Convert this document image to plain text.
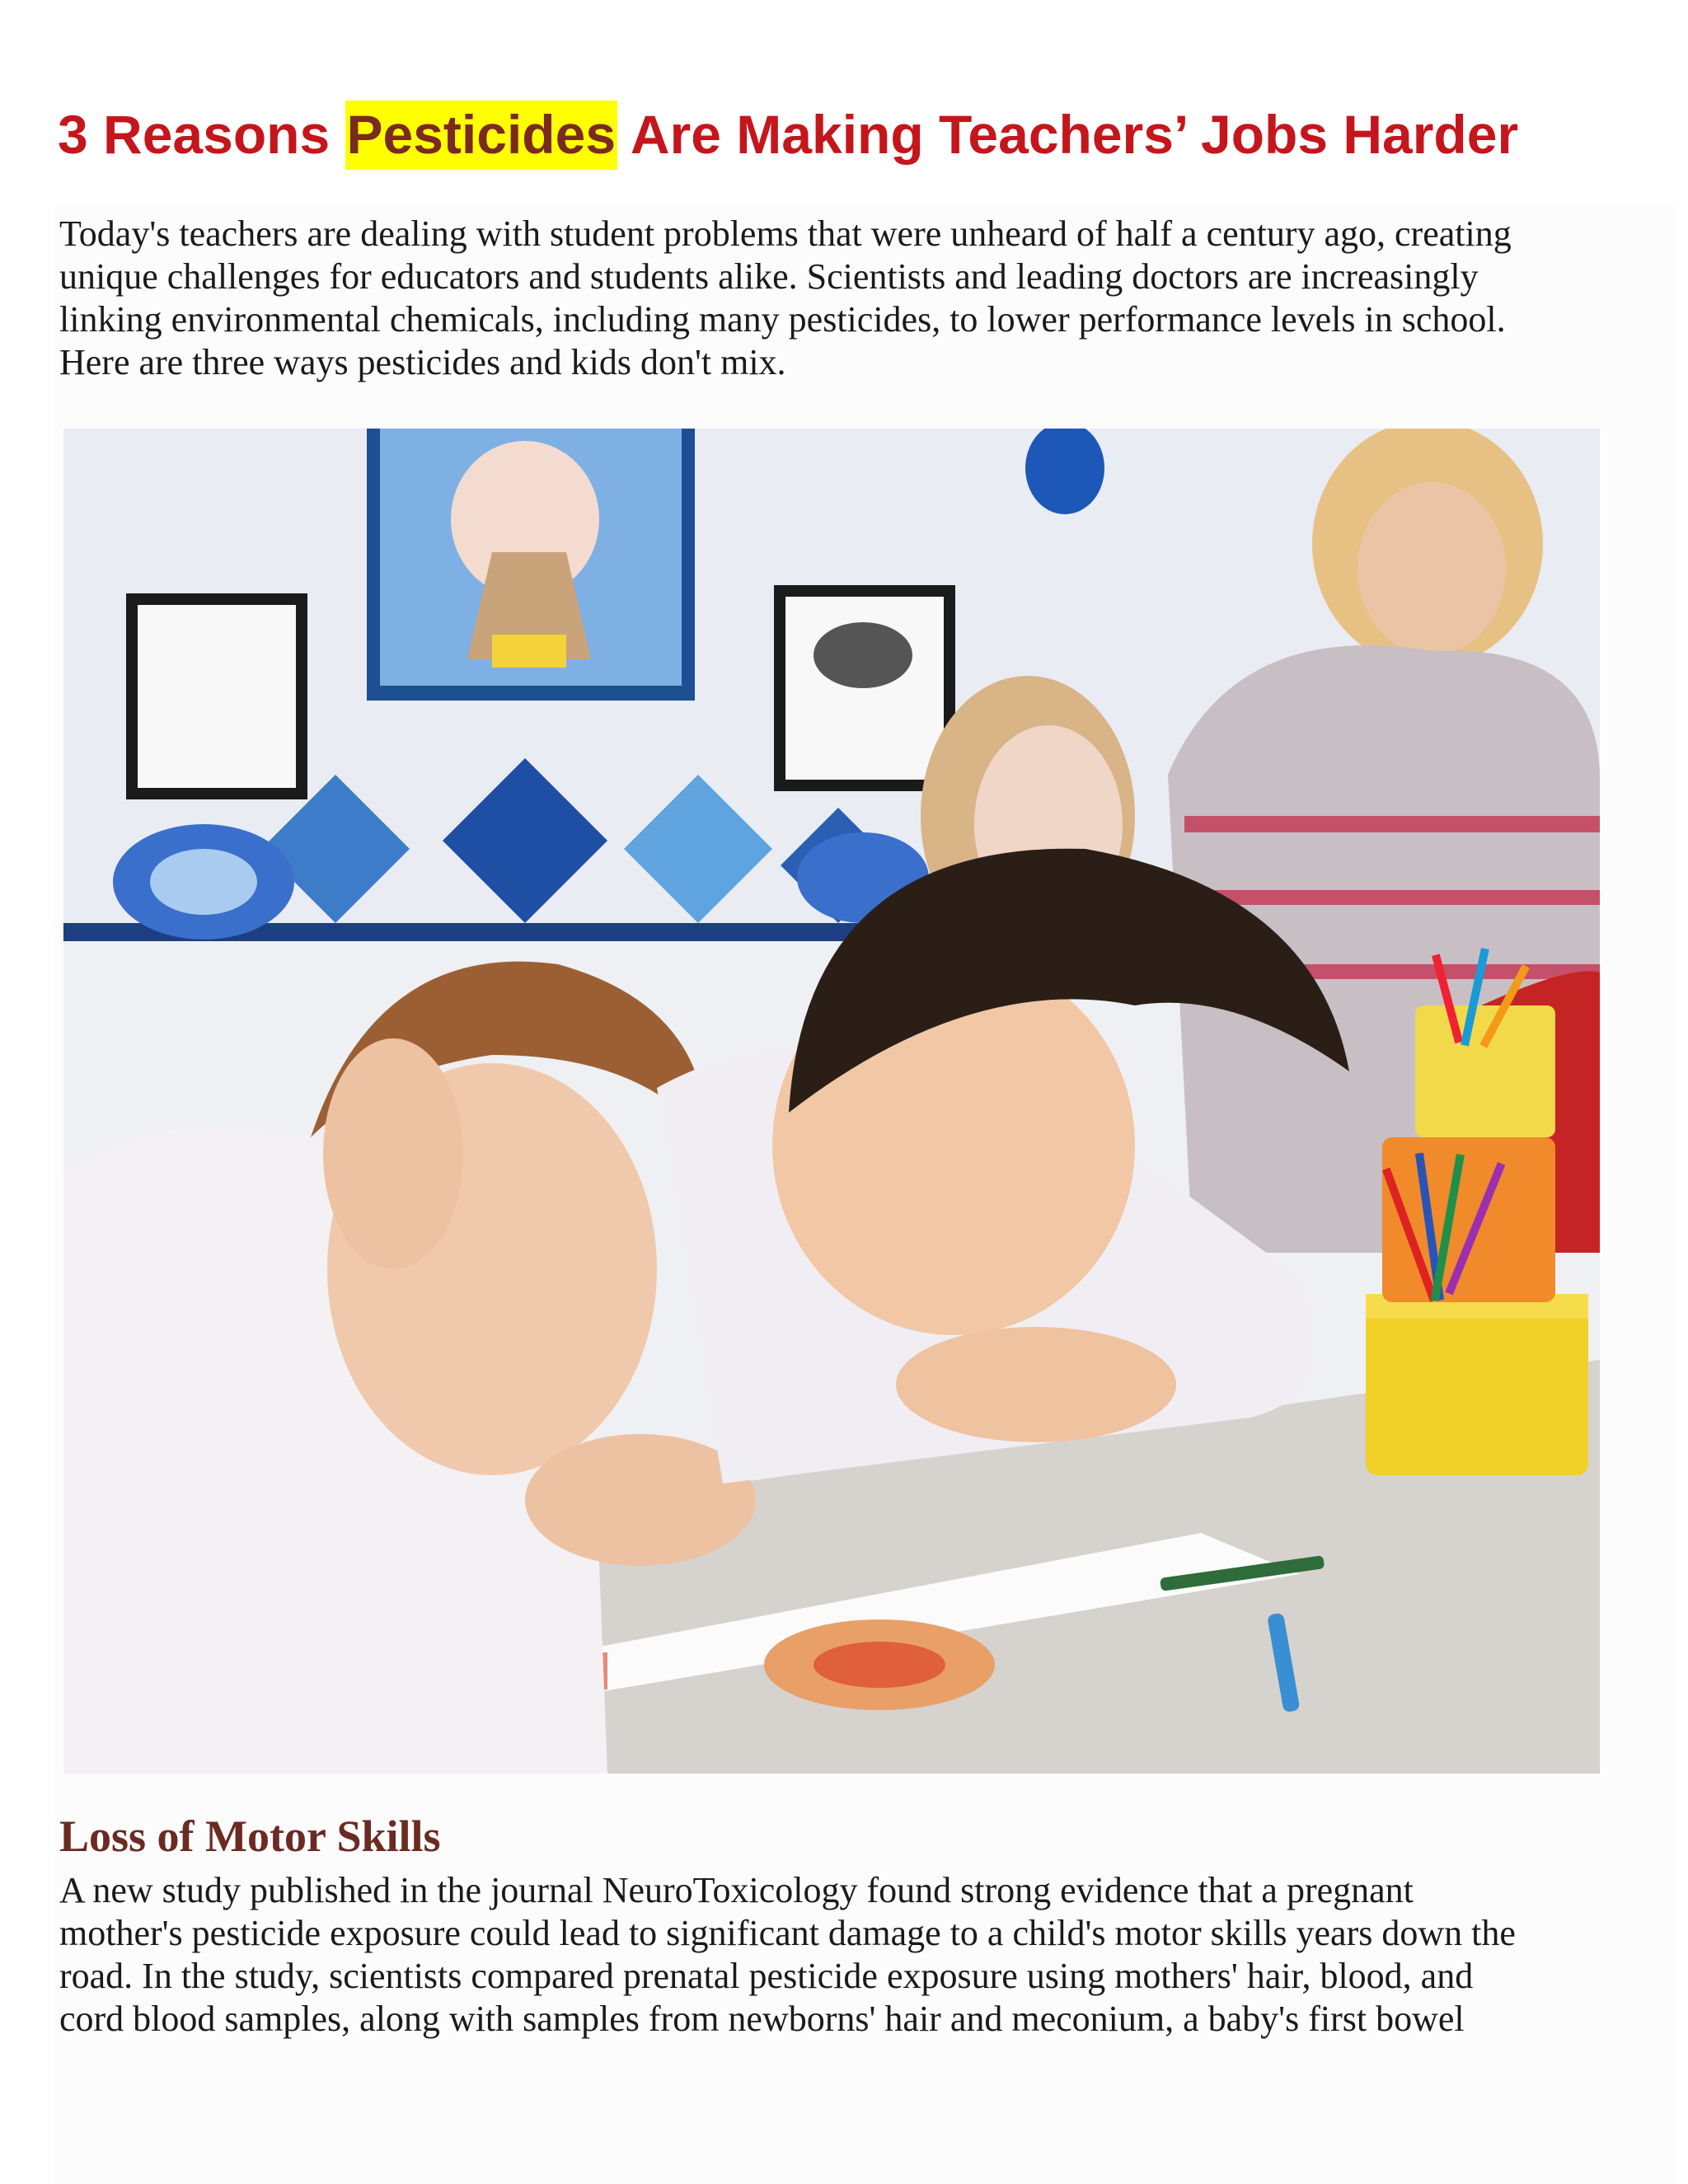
3 Reasons Pesticides Are Making Teachers’ Jobs Harder

Today's teachers are dealing with student problems that were unheard of half a century ago, creating
unique challenges for educators and students alike. Scientists and leading doctors are increasingly
linking environmental chemicals, including many pesticides, to lower performance levels in school.
Here are three ways pesticides and kids don't mix.

Loss of Motor Skills

A new study published in the journal NeuroToxicology found strong evidence that a pregnant
mother's pesticide exposure could lead to significant damage to a child's motor skills years down the
road. In the study, scientists compared prenatal pesticide exposure using mothers' hair, blood, and
cord blood samples, along with samples from newborns' hair and meconium, a baby's first bowel
